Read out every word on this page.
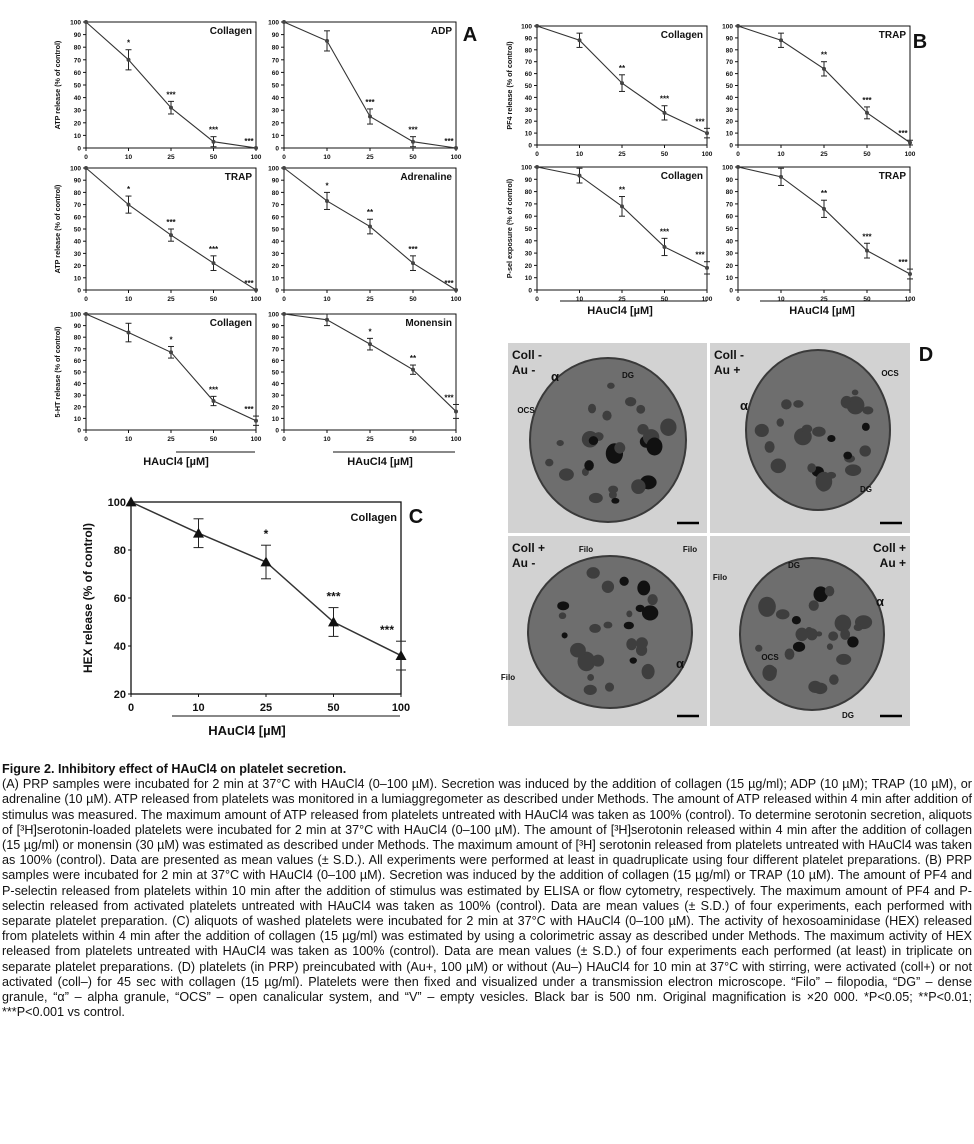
0
10
20
30
40
50
60
70
80
90
100
0	10	25	50	100
*
***
***
***
Collagen
ATP release (% of control)
A
0
10
20
30
40
50
60
70
80
90
100
0	10	25	50	100
***
***
***
ADP
0
10
20
30
40
50
60
70
80
90
100
0	10	25	50	100
*
***
***
***
TRAP
ATP release (% of control)
0
10
20
30
40
50
60
70
80
90
100
0	10	25	50	100
*
**
***
***
Adrenaline
0
10
20
30
40
50
60
70
80
90
100
0	10	25	50	100
*
***
***
Collagen
5-HT release (% of control)
HAuCl4 [µM]
0
10
20
30
40
50
60
70
80
90
100
0	10	25	50	100
*
**
***
Monensin
HAuCl4 [µM]
0
10
20
30
40
50
60
70
80
90
100
0	10	25	50	100
**
***
***
Collagen
PF4 release (% of control)	B
0
10
20
30
40
50
60
70
80
90
100
0	10	25	50	100
**
***
***
TRAP
0
10
20
30
40
50
60
70
80
90
100
0	10	25	50	100
**
***
***
Collagen
P-sel exposure (% of control)
HAuCl4 [µM]
0
10
20
30
40
50
60
70
80
90
100
0	10	25	50	100
**
***
***
TRAP
HAuCl4 [µM]
20
40
60
80
100
0	10	25	50	100
*
***
***
Collagen
HEX release (% of control)
HAuCl4 [µM]
C
Coll -
Au - α	DG
OCS
Coll -
Au +	OCS
α
DG
Coll +
Au -
Filo
Filo
α
Filo	Coll +
Au +
Filo
DG
α
OCS
DG
D
Figure 2. Inhibitory effect of HAuCl4 on platelet secretion.
(A) PRP samples were incubated for 2 min at 37°C with HAuCl4 (0–100 µM). Secretion was induced by the addition of collagen (15 µg/ml); ADP (10 µM); TRAP (10 µM), or adrenaline (10 µM). ATP released from platelets was monitored in a lumiaggregometer as described under Methods. The amount of ATP released within 4 min after addition of stimulus was measured. The maximum amount of ATP released from platelets untreated with HAuCl4 was taken as 100% (control). To determine serotonin secretion, aliquots of [³H]serotonin-loaded platelets were incubated for 2 min at 37°C with HAuCl4 (0–100 µM). The amount of [³H]serotonin released within 4 min after the addition of collagen (15 µg/ml) or monensin (30 µM) was estimated as described under Methods. The maximum amount of [³H] serotonin released from platelets untreated with HAuCl4 was taken as 100% (control). Data are presented as mean values (± S.D.). All experiments were performed at least in quadruplicate using four different platelet preparations. (B) PRP samples were incubated for 2 min at 37°C with HAuCl4 (0–100 µM). Secretion was induced by the addition of collagen (15 µg/ml) or TRAP (10 µM). The amount of PF4 and P-selectin released from platelets within 10 min after the addition of stimulus was estimated by ELISA or flow cytometry, respectively. The maximum amount of PF4 and P-selectin released from activated platelets untreated with HAuCl4 was taken as 100% (control). Data are mean values (± S.D.) of four experiments, each performed with separate platelet preparation. (C) aliquots of washed platelets were incubated for 2 min at 37°C with HAuCl4 (0–100 µM). The activity of hexosoaminidase (HEX) released from platelets within 4 min after the addition of collagen (15 µg/ml) was estimated by using a colorimetric assay as described under Methods. The maximum activity of HEX released from platelets untreated with HAuCl4 was taken as 100% (control). Data are mean values (± S.D.) of four experiments each performed (at least) in triplicate on separate platelet preparations. (D) platelets (in PRP) preincubated with (Au+, 100 µM) or without (Au–) HAuCl4 for 10 min at 37°C with stirring, were activated (coll+) or not activated (coll–) for 45 sec with collagen (15 µg/ml). Platelets were then fixed and visualized under a transmission electron microscope. “Filo” – filopodia, “DG” – dense granule, “α” – alpha granule, “OCS” – open canalicular system, and “V” – empty vesicles. Black bar is 500 nm. Original magnification is ×20 000. *P<0.05; **P<0.01; ***P<0.001 vs control.
